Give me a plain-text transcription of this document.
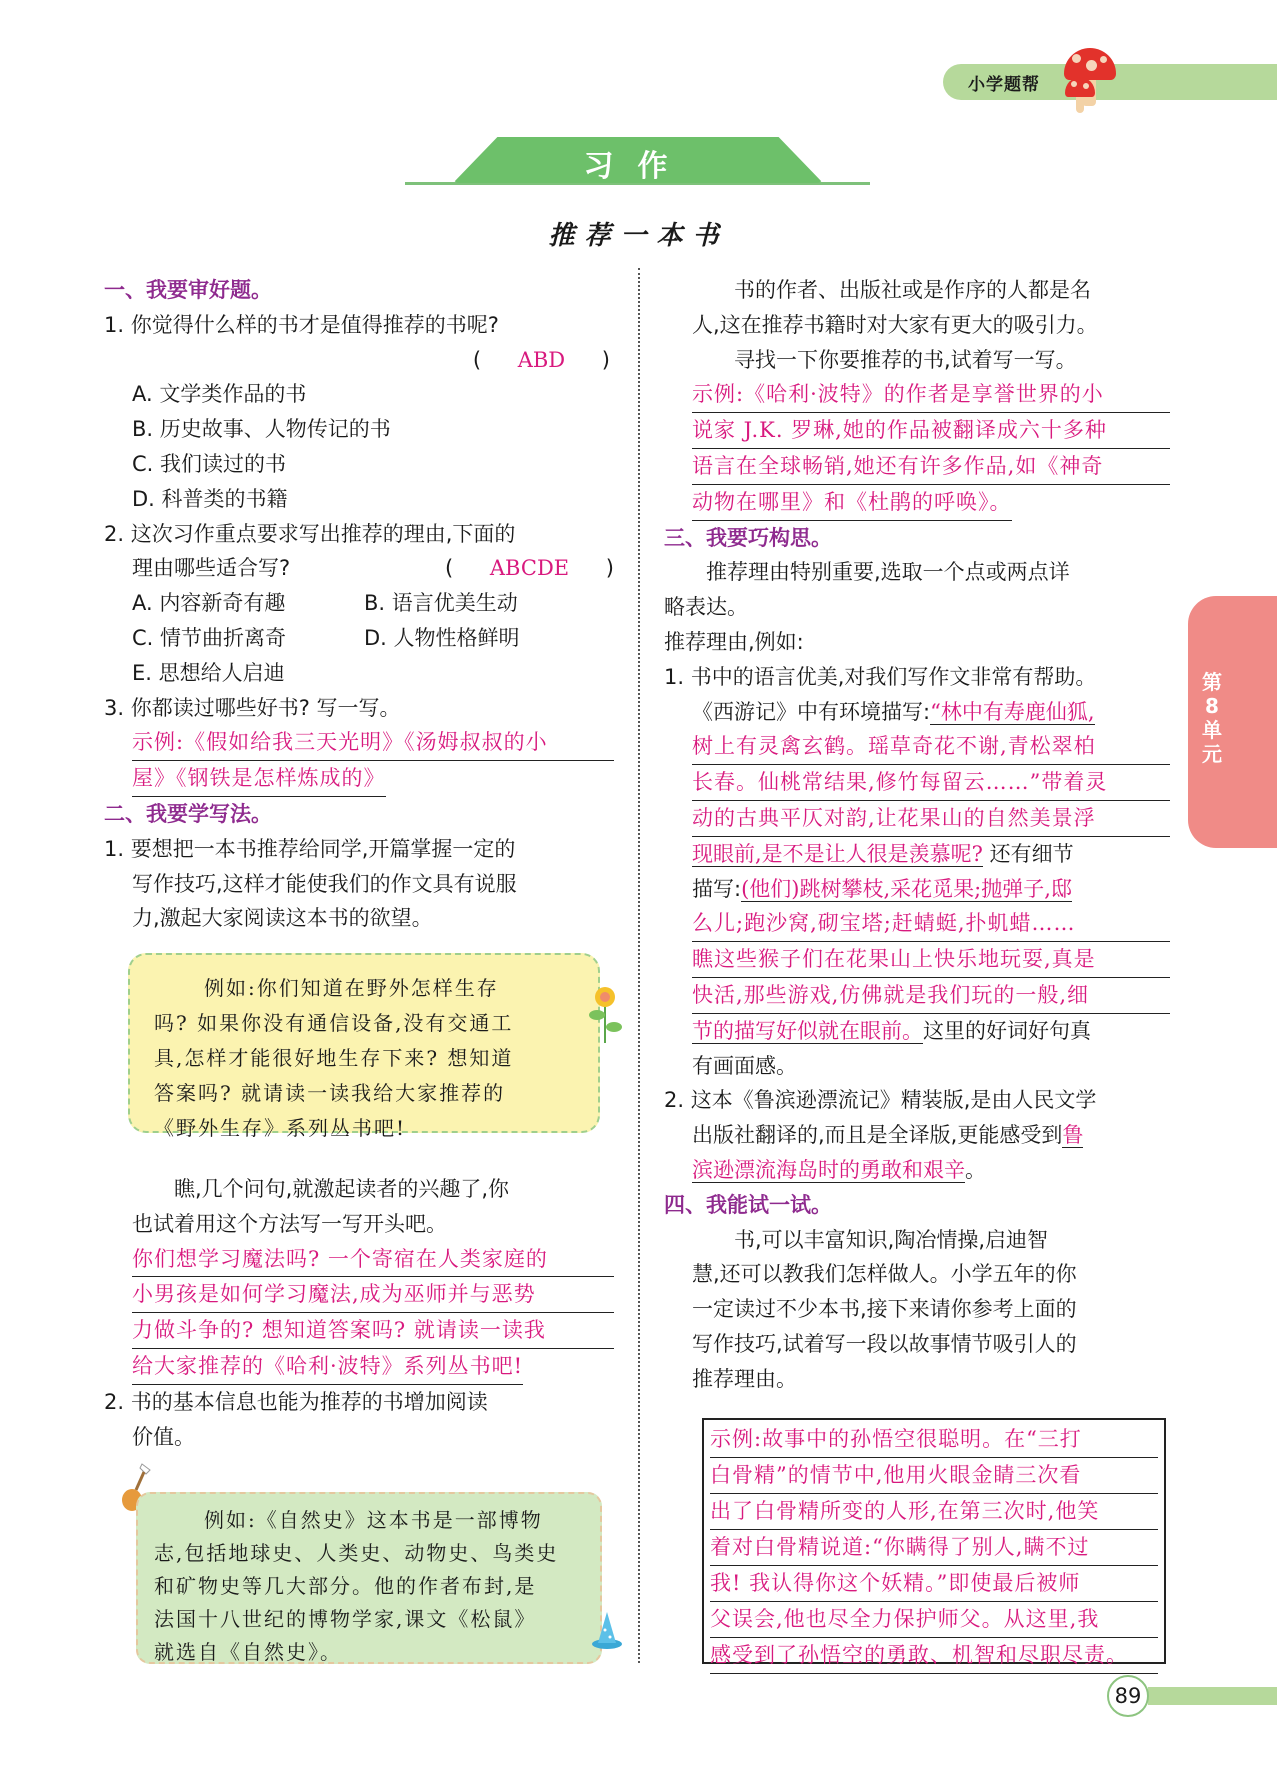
小学题帮
习作
推荐一本书
一、我要审好题。
1. 你觉得什么样的书才是值得推荐的书呢?
( ABD )
A. 文学类作品的书
B. 历史故事、人物传记的书
C. 我们读过的书
D. 科普类的书籍
2. 这次习作重点要求写出推荐的理由,下面的
理由哪些适合写?	( ABCDE )
A. 内容新奇有趣	B. 语言优美生动
C. 情节曲折离奇	D. 人物性格鲜明
E. 思想给人启迪
3. 你都读过哪些好书? 写一写。
示例:《假如给我三天光明》《汤姆叔叔的小
屋》《钢铁是怎样炼成的》
二、我要学写法。
1. 要想把一本书推荐给同学,开篇掌握一定的
写作技巧,这样才能使我们的作文具有说服
力,激起大家阅读这本书的欲望。
例如:你们知道在野外怎样生存
吗? 如果你没有通信设备,没有交通工
具,怎样才能很好地生存下来? 想知道
答案吗? 就请读一读我给大家推荐的
《野外生存》系列丛书吧!
瞧,几个问句,就激起读者的兴趣了,你
也试着用这个方法写一写开头吧。
你们想学习魔法吗? 一个寄宿在人类家庭的
小男孩是如何学习魔法,成为巫师并与恶势
力做斗争的? 想知道答案吗? 就请读一读我
给大家推荐的《哈利·波特》系列丛书吧!
2. 书的基本信息也能为推荐的书增加阅读
价值。
例如:《自然史》这本书是一部博物
志,包括地球史、人类史、动物史、鸟类史
和矿物史等几大部分。他的作者布封,是
法国十八世纪的博物学家,课文《松鼠》
就选自《自然史》。
书的作者、出版社或是作序的人都是名
人,这在推荐书籍时对大家有更大的吸引力。
寻找一下你要推荐的书,试着写一写。
示例:《哈利·波特》的作者是享誉世界的小
说家 J.K. 罗琳,她的作品被翻译成六十多种
语言在全球畅销,她还有许多作品,如《神奇
动物在哪里》和《杜鹃的呼唤》。
三、我要巧构思。
推荐理由特别重要,选取一个点或两点详
略表达。
推荐理由,例如:
1. 书中的语言优美,对我们写作文非常有帮助。
《西游记》中有环境描写:“林中有寿鹿仙狐,
树上有灵禽玄鹤。瑶草奇花不谢,青松翠柏
长春。仙桃常结果,修竹每留云……”带着灵
动的古典平仄对韵,让花果山的自然美景浮
现眼前,是不是让人很是羡慕呢? 还有细节
描写:(他们)跳树攀枝,采花觅果;抛弹子,邸
么儿;跑沙窝,砌宝塔;赶蜻蜓,扑虮蜡……
瞧这些猴子们在花果山上快乐地玩耍,真是
快活,那些游戏,仿佛就是我们玩的一般,细
节的描写好似就在眼前。这里的好词好句真
有画面感。
2. 这本《鲁滨逊漂流记》精装版,是由人民文学
出版社翻译的,而且是全译版,更能感受到鲁
滨逊漂流海岛时的勇敢和艰辛。
四、我能试一试。
书,可以丰富知识,陶冶情操,启迪智
慧,还可以教我们怎样做人。小学五年的你
一定读过不少本书,接下来请你参考上面的
写作技巧,试着写一段以故事情节吸引人的
推荐理由。
示例:故事中的孙悟空很聪明。在“三打
白骨精”的情节中,他用火眼金睛三次看
出了白骨精所变的人形,在第三次时,他笑
着对白骨精说道:“你瞒得了别人,瞒不过
我! 我认得你这个妖精。”即使最后被师
父误会,他也尽全力保护师父。从这里,我
感受到了孙悟空的勇敢、机智和尽职尽责。
第
8
单
元
89
